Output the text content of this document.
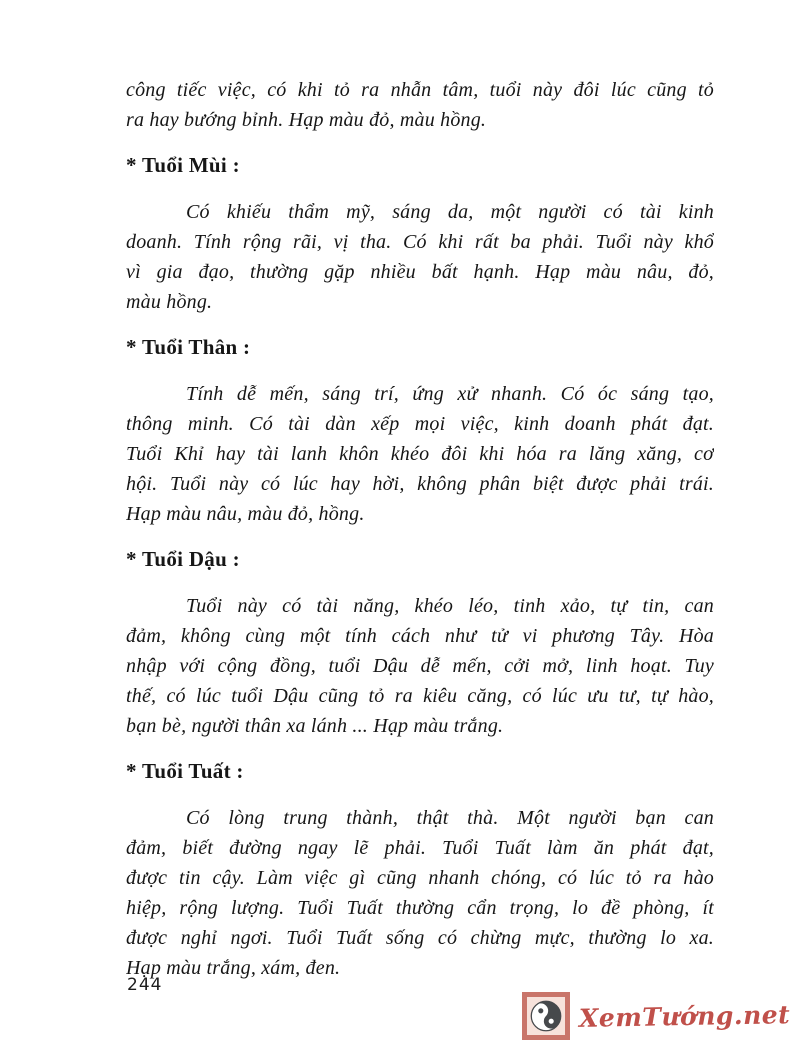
công tiếc việc, có khi tỏ ra nhẫn tâm, tuổi này đôi lúc cũng tỏ
ra hay bướng bỉnh. Hạp màu đỏ, màu hồng.
* Tuổi Mùi :
Có khiếu thẩm mỹ, sáng da, một người có tài kinh
doanh. Tính rộng rãi, vị tha. Có khi rất ba phải. Tuổi này khổ
vì gia đạo, thường gặp nhiều bất hạnh. Hạp màu nâu, đỏ,
màu hồng.
* Tuổi Thân :
Tính dễ mến, sáng trí, ứng xử nhanh. Có óc sáng tạo,
thông minh. Có tài dàn xếp mọi việc, kinh doanh phát đạt.
Tuổi Khỉ hay tài lanh khôn khéo đôi khi hóa ra lăng xăng, cơ
hội. Tuổi này có lúc hay hời, không phân biệt được phải trái.
Hạp màu nâu, màu đỏ, hồng.
* Tuổi Dậu :
Tuổi này có tài năng, khéo léo, tinh xảo, tự tin, can
đảm, không cùng một tính cách như tử vi phương Tây. Hòa
nhập với cộng đồng, tuổi Dậu dễ mến, cởi mở, linh hoạt. Tuy
thế, có lúc tuổi Dậu cũng tỏ ra kiêu căng, có lúc ưu tư, tự hào,
bạn bè, người thân xa lánh ... Hạp màu trắng.
* Tuổi Tuất :
Có lòng trung thành, thật thà. Một người bạn can
đảm, biết đường ngay lẽ phải. Tuổi Tuất làm ăn phát đạt,
được tin cậy. Làm việc gì cũng nhanh chóng, có lúc tỏ ra hào
hiệp, rộng lượng. Tuổi Tuất thường cẩn trọng, lo đề phòng, ít
được nghỉ ngơi. Tuổi Tuất sống có chừng mực, thường lo xa.
Hạp màu trắng, xám, đen.
244
XemTướng.net
